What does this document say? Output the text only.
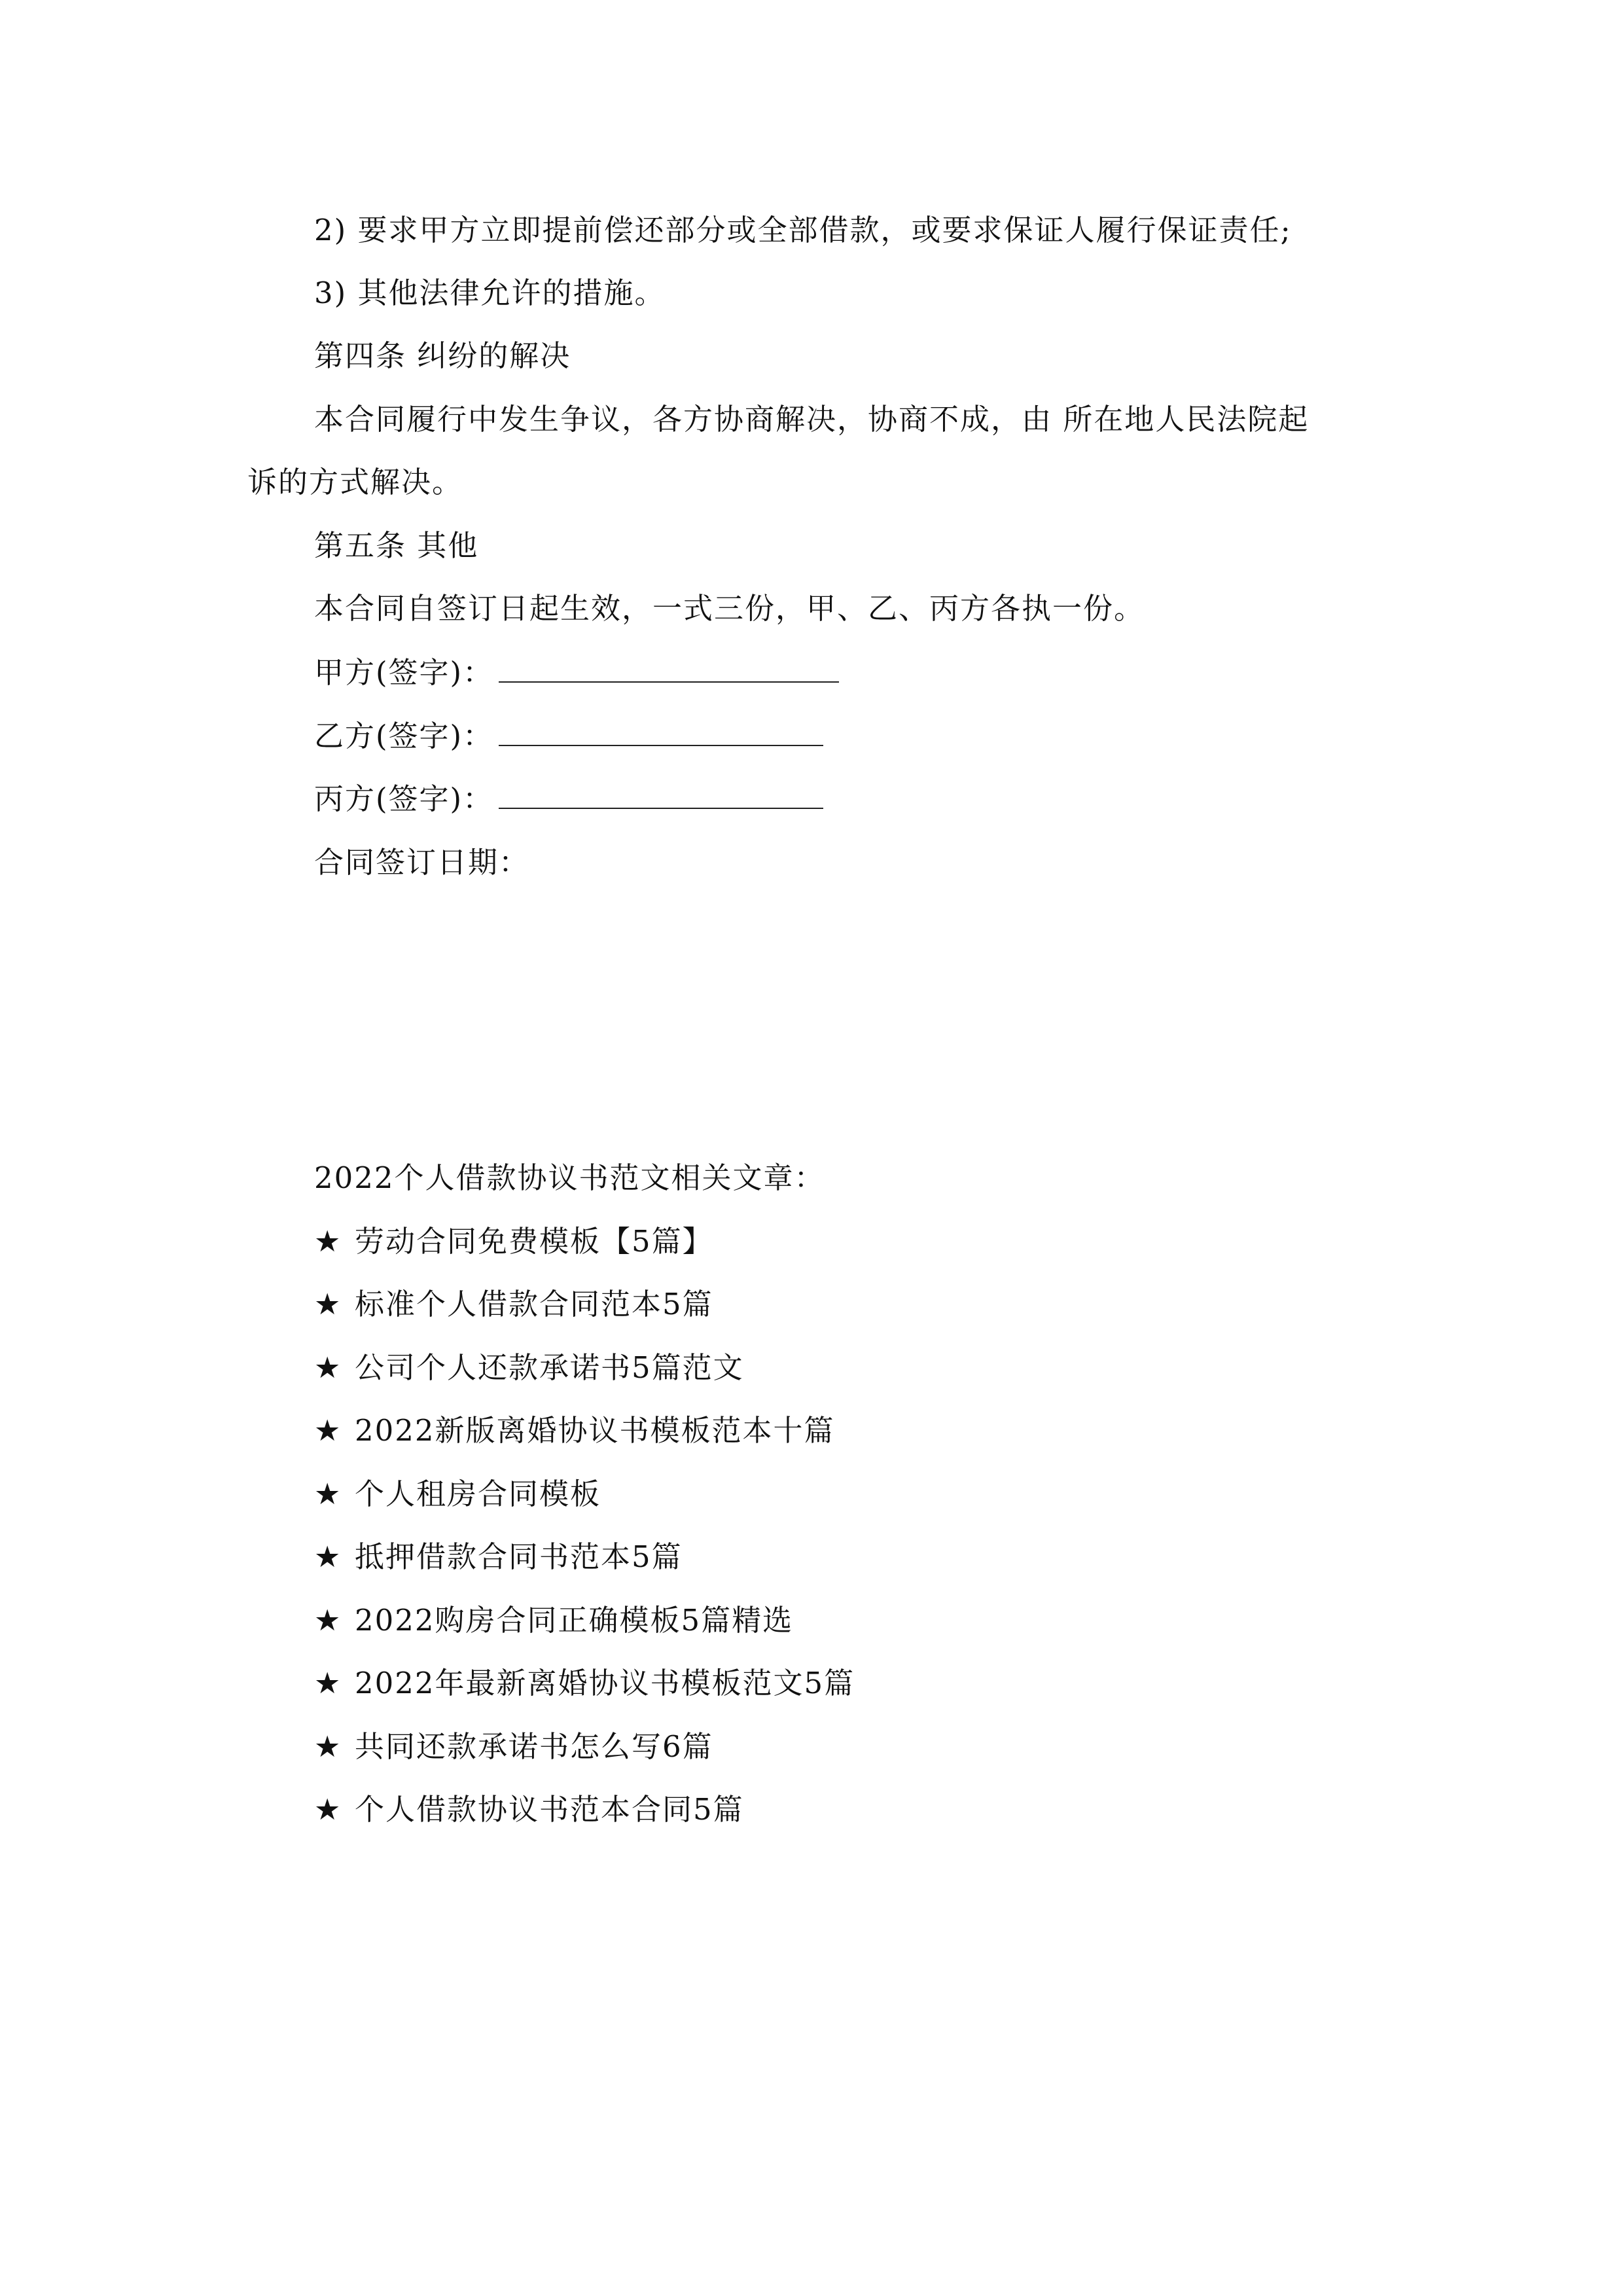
2) 要求甲方立即提前偿还部分或全部借款，或要求保证人履行保证责任;
3) 其他法律允许的措施。
第四条 纠纷的解决
本合同履行中发生争议，各方协商解决，协商不成，由 所在地人民法院起
诉的方式解决。
第五条 其他
本合同自签订日起生效，一式三份，甲、乙、丙方各执一份。
甲方(签字)：
乙方(签字)：
丙方(签字)：
合同签订日期：
2022个人借款协议书范文相关文章：
★ 劳动合同免费模板【5篇】
★ 标准个人借款合同范本5篇
★ 公司个人还款承诺书5篇范文
★ 2022新版离婚协议书模板范本十篇
★ 个人租房合同模板
★ 抵押借款合同书范本5篇
★ 2022购房合同正确模板5篇精选
★ 2022年最新离婚协议书模板范文5篇
★ 共同还款承诺书怎么写6篇
★ 个人借款协议书范本合同5篇
